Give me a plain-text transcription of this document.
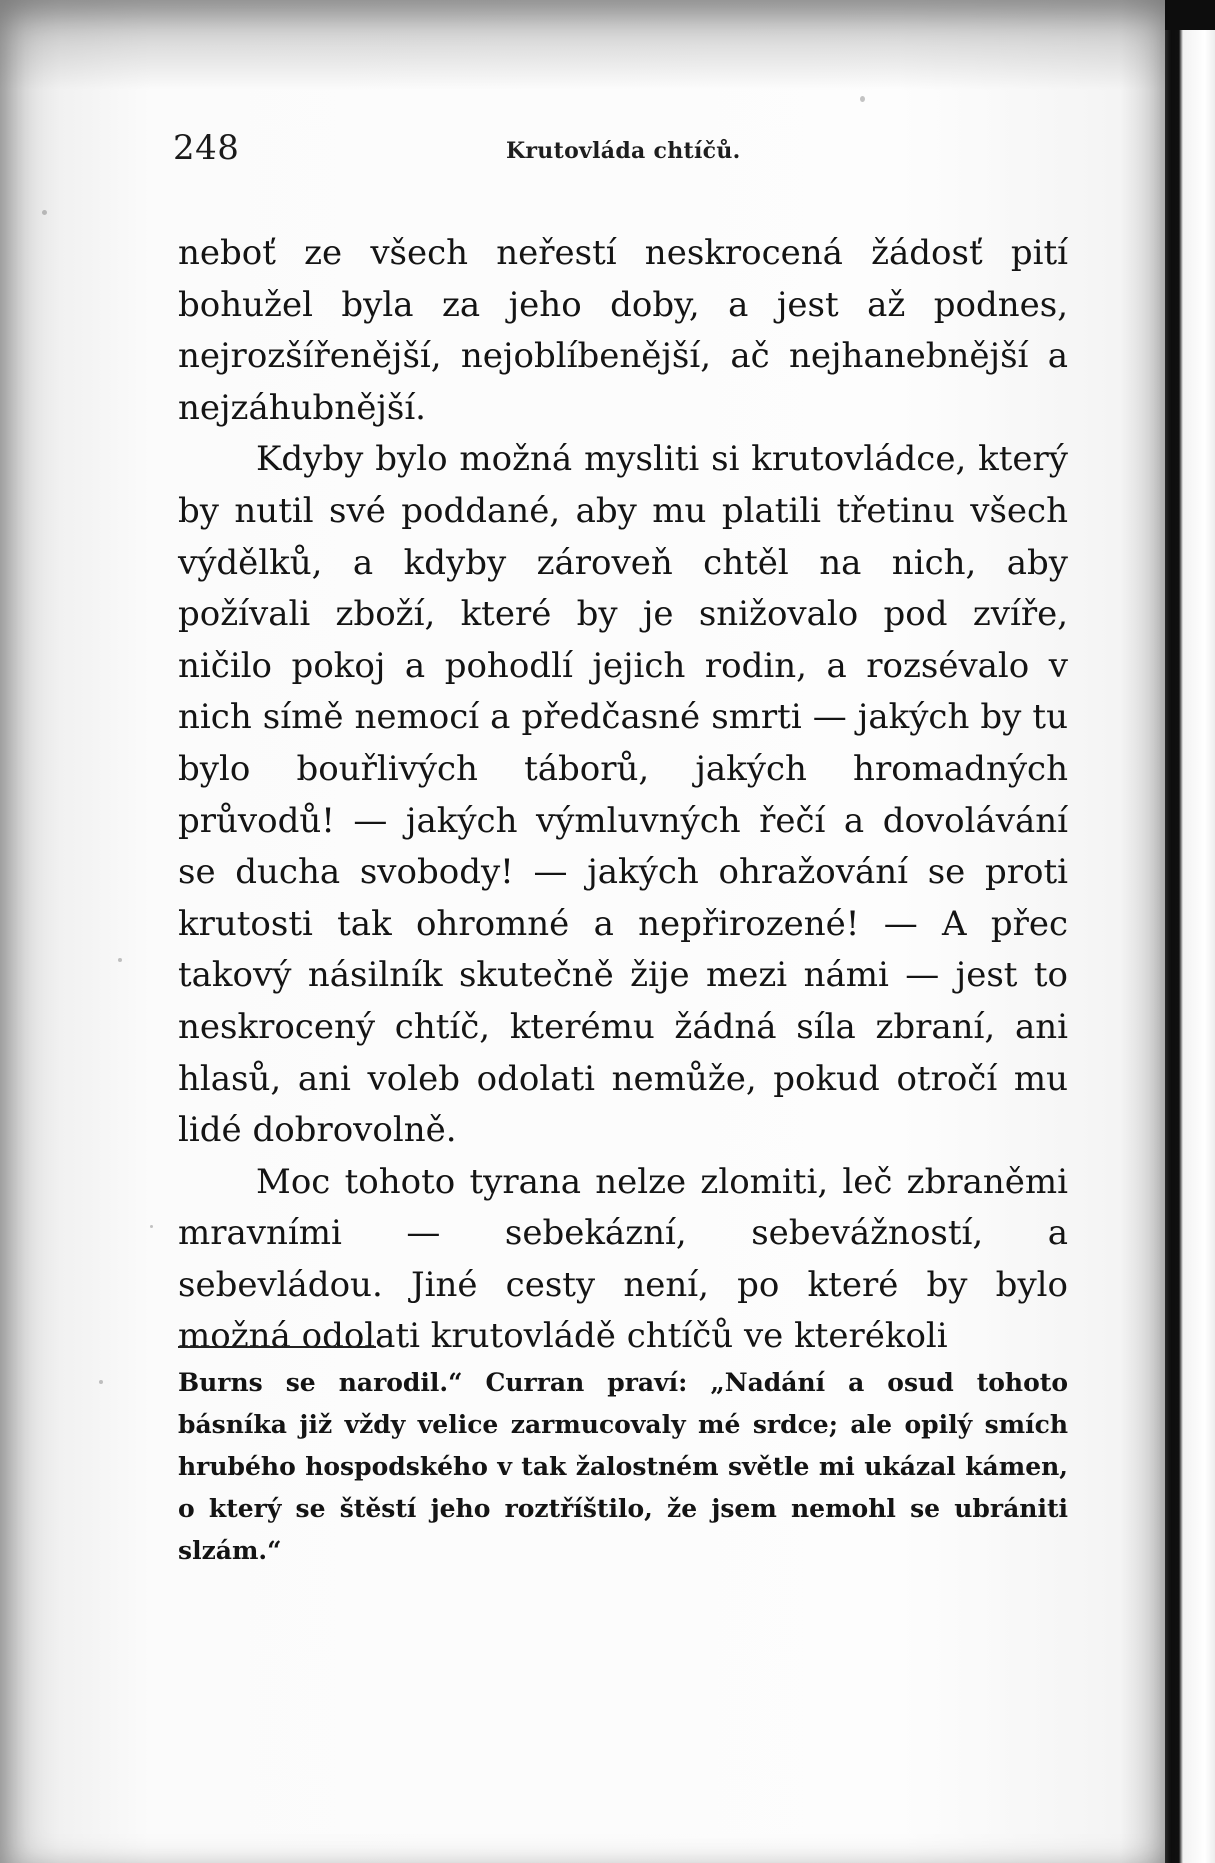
248	Krutovláda chtíčů.

neboť ze všech neřestí neskrocená žádosť pití bohužel byla za jeho doby, a jest až podnes, nejrozšířenější, nejoblíbenější, ač nejhanebnější a nejzáhubnější.

Kdyby bylo možná mysliti si krutovládce, který by nutil své poddané, aby mu platili třetinu všech výdělků, a kdyby zároveň chtěl na nich, aby požívali zboží, které by je snižovalo pod zvíře, ničilo pokoj a pohodlí jejich rodin, a rozsévalo v nich símě nemocí a předčasné smrti — jakých by tu bylo bouřlivých táborů, jakých hromadných průvodů! — jakých výmluvných řečí a dovolávání se ducha svobody! — jakých ohražování se proti krutosti tak ohromné a nepřirozené! — A přec takový násilník skutečně žije mezi námi — jest to neskrocený chtíč, kterému žádná síla zbraní, ani hlasů, ani voleb odolati nemůže, pokud otročí mu lidé dobrovolně.

Moc tohoto tyrana nelze zlomiti, leč zbraněmi mravními — sebekázní, sebevážností, a sebevládou. Jiné cesty není, po které by bylo možná odolati krutovládě chtíčů ve kterékoli

Burns se narodil.“ Curran praví: „Nadání a osud tohoto básníka již vždy velice zarmucovaly mé srdce; ale opilý smích hrubého hospodského v tak žalostném světle mi ukázal kámen, o který se štěstí jeho roztříštilo, že jsem nemohl se ubrániti slzám.“
